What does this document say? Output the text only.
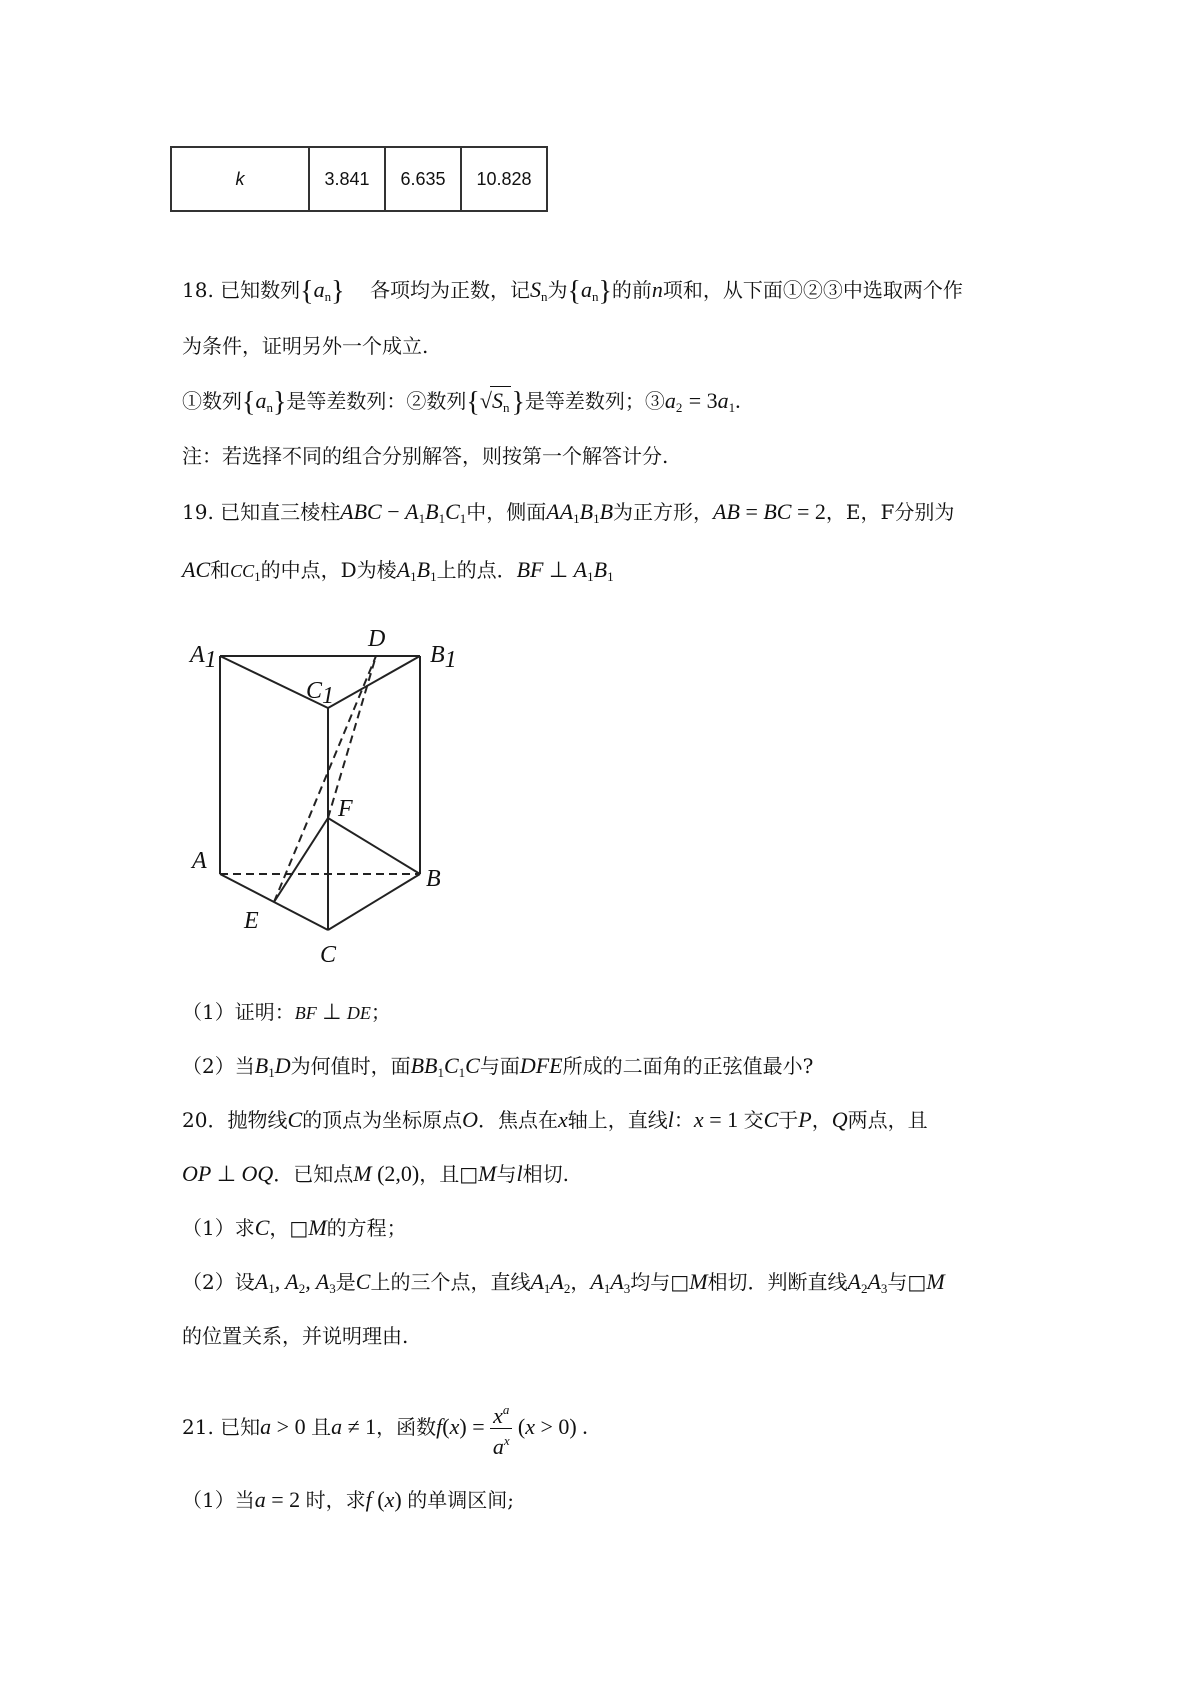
k	3.841	6.635	10.828
18. 已知数列$\{a_n\}$ 各项均为正数，记$S_n$为$\{a_n\}$的前n项和，从下面①②③中选取两个作
为条件，证明另外一个成立.
①数列$\{a_n\}$是等差数列：②数列$\{√S_n\}$是等差数列；$③a_2 = 3a_1$.
注：若选择不同的组合分别解答，则按第一个解答计分.
19. 已知直三棱柱ABC − $A_1B_1C_1$中，侧面$AA_1B_1B$为正方形，AB = BC = 2，E，F分别为
AC和$CC_1$的中点，D为棱$A_1B_1$上的点．BF ⊥ $A_1B_1$
A1
D
B1
C1
F
A
B
E
C
（1）证明：BF ⊥ DE；
（2）当$B_1D$为何值时，面$BB_1C_1C$与面DFE所成的二面角的正弦值最小?
20．抛物线C的顶点为坐标原点O．焦点在x轴上，直线l：x = 1 交C于P，Q两点，且
OP ⊥ OQ．已知点M (2,0)，且□M与l相切.
（1）求C，□M的方程；
（2）设$A_1$, $A_2$, $A_3$是C上的三个点，直线$A_1A_2$，$A_1A_3$均与□M相切．判断直线$A_2A_3$与□M
的位置关系，并说明理由.
21. 已知a > 0 且a ≠ 1，函数$f(x) = \frac{x^a}{a^x} (x > 0)$ .
（1）当a = 2 时，求f (x) 的单调区间;
